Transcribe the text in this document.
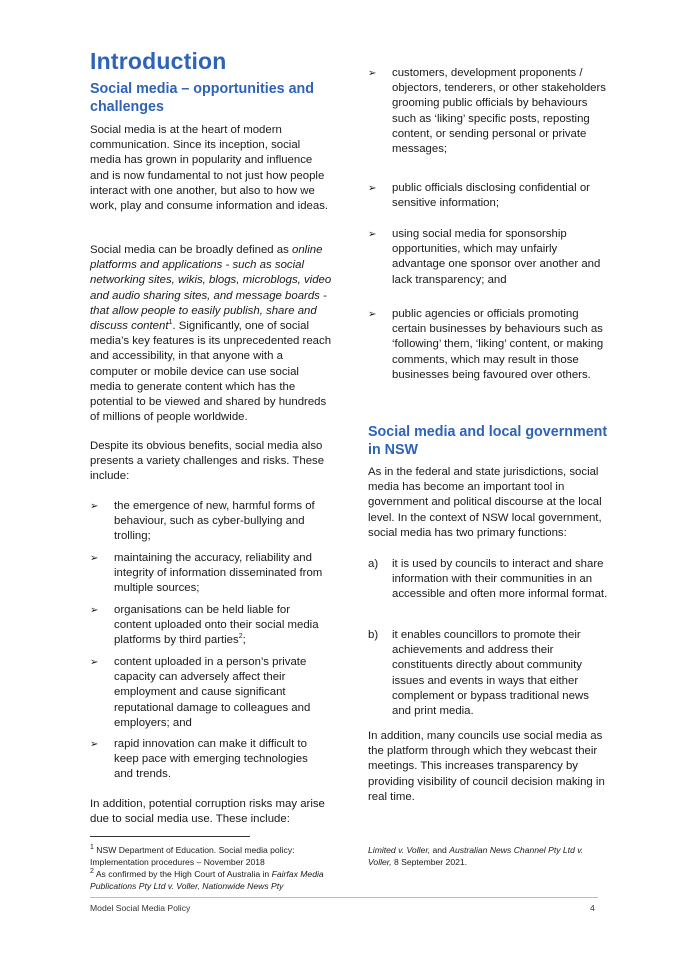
Introduction
Social media – opportunities and challenges

Social media is at the heart of modern communication. Since its inception, social media has grown in popularity and influence and is now fundamental to not just how people interact with one another, but also to how we work, play and consume information and ideas.

Social media can be broadly defined as online platforms and applications - such as social networking sites, wikis, blogs, microblogs, video and audio sharing sites, and message boards - that allow people to easily publish, share and discuss content$^1$. Significantly, one of social media’s key features is its unprecedented reach and accessibility, in that anyone with a computer or mobile device can use social media to generate content which has the potential to be viewed and shared by hundreds of millions of people worldwide.

Despite its obvious benefits, social media also presents a variety challenges and risks. These include:

➢ the emergence of new, harmful forms of behaviour, such as cyber-bullying and trolling;
➢ maintaining the accuracy, reliability and integrity of information disseminated from multiple sources;
➢ organisations can be held liable for content uploaded onto their social media platforms by third parties$^2$;
➢ content uploaded in a person’s private capacity can adversely affect their employment and cause significant reputational damage to colleagues and employers; and
➢ rapid innovation can make it difficult to keep pace with emerging technologies and trends.

In addition, potential corruption risks may arise due to social media use. These include:

$^1$ NSW Department of Education. Social media policy: Implementation procedures – November 2018
$^2$ As confirmed by the High Court of Australia in Fairfax Media Publications Pty Ltd v. Voller, Nationwide News Pty
➢ customers, development proponents / objectors, tenderers, or other stakeholders grooming public officials by behaviours such as ‘liking’ specific posts, reposting content, or sending personal or private messages;
➢ public officials disclosing confidential or sensitive information;
➢ using social media for sponsorship opportunities, which may unfairly advantage one sponsor over another and lack transparency; and
➢ public agencies or officials promoting certain businesses by behaviours such as ‘following’ them, ‘liking’ content, or making comments, which may result in those businesses being favoured over others.
Social media and local government in NSW

As in the federal and state jurisdictions, social media has become an important tool in government and political discourse at the local level. In the context of NSW local government, social media has two primary functions:

a) it is used by councils to interact and share information with their communities in an accessible and often more informal format.
b) it enables councillors to promote their achievements and address their constituents directly about community issues and events in ways that either complement or bypass traditional news and print media.

In addition, many councils use social media as the platform through which they webcast their meetings. This increases transparency by providing visibility of council decision making in real time.

Limited v. Voller, and Australian News Channel Pty Ltd v. Voller, 8 September 2021.
Model Social Media Policy	4
